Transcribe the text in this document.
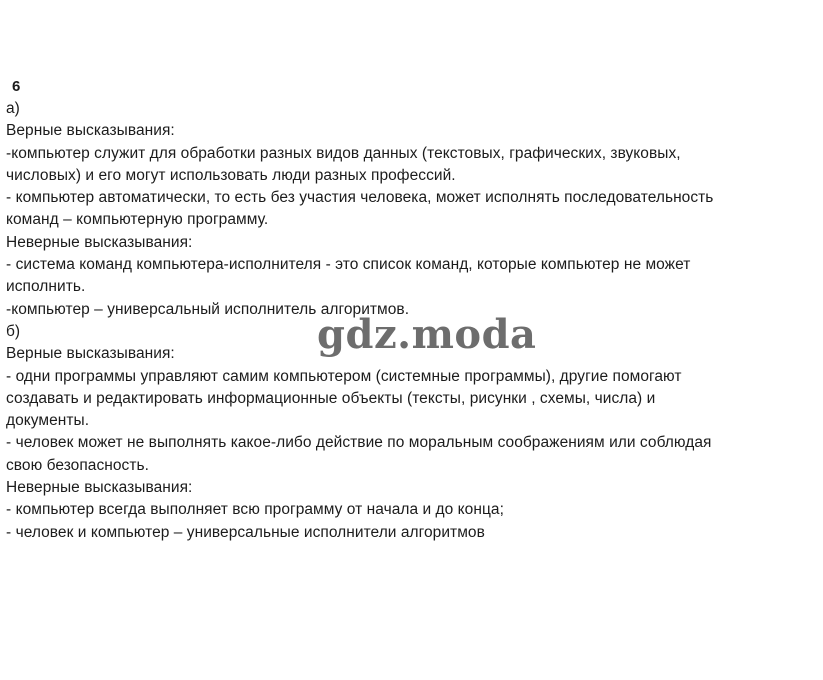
6
а)
Верные высказывания:
-компьютер служит для обработки разных видов данных (текстовых, графических, звуковых,
числовых) и его могут использовать люди разных профессий.
- компьютер автоматически, то есть без участия человека, может исполнять последовательность
команд – компьютерную программу.
Неверные высказывания:
- система команд компьютера-исполнителя - это список команд, которые компьютер не может
исполнить.
-компьютер – универсальный исполнитель алгоритмов.
б)
Верные высказывания:
- одни программы управляют самим компьютером (системные программы), другие помогают
создавать и редактировать информационные объекты (тексты, рисунки , схемы, числа) и
документы.
- человек может не выполнять какое-либо действие по моральным соображениям или соблюдая
свою безопасность.
Неверные высказывания:
- компьютер всегда выполняет всю программу от начала и до конца;
- человек и компьютер – универсальные исполнители алгоритмов
gdz.moda
